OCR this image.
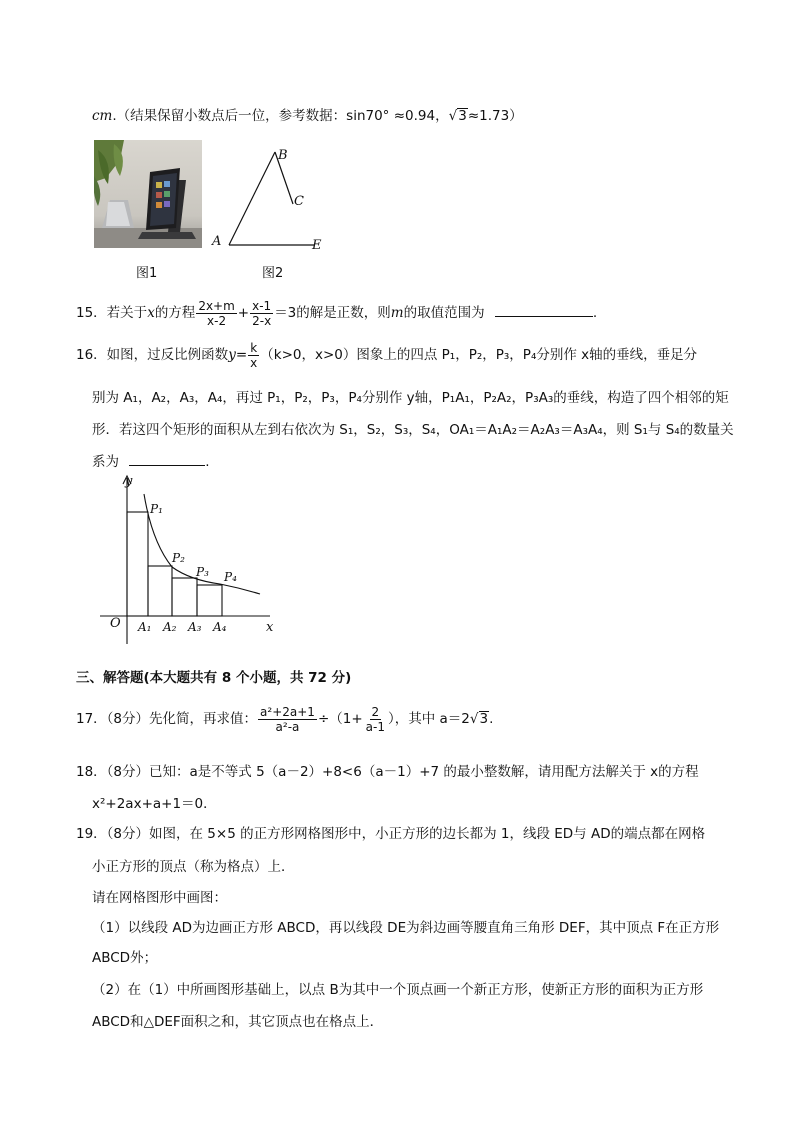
cm.（结果保留小数点后一位，参考数据：sin70° ≈0.94，√3≈1.73）
图1
B
C
A	E
图2
15．若关于x的方程 $\frac{2x+m}{x-2} + \frac{x-1}{2-x} =3$的解是正数，则m的取值范围为	.
16．如图，过反比例函数$y= \frac{k}{x} (k>0$，x>0）图象上的四点 P₁，P₂，P₃，P₄分别作 x轴的垂线，垂足分
别为 A₁，A₂，A₃，A₄，再过 P₁，P₂，P₃，P₄分别作 y轴，P₁A₁，P₂A₂，P₃A₃的垂线，构造了四个相邻的矩
形．若这四个矩形的面积从左到右依次为 S₁，S₂，S₃，S₄，OA₁＝A₁A₂＝A₂A₃＝A₃A₄，则 S₁与 S₄的数量关
系为	.
y
x
O
P₁
P₂
P₃ P₄
A₁ A₂ A₃ A₄
三、解答题(本大题共有 8 个小题，共 72 分)
17．（8分）先化简，再求值： $\frac{\text{a²+2a+1}}{\text{a²-a}} \div(1+ \frac{2}{a-1}$ ），其中 a＝2√3.
18．（8分）已知：a是不等式 5（a－2）+8<6（a－1）+7 的最小整数解，请用配方法解关于 x的方程
x²+2ax+a+1＝0．
19．（8分）如图，在 5×5 的正方形网格图形中，小正方形的边长都为 1，线段 ED与 AD的端点都在网格
小正方形的顶点（称为格点）上．
请在网格图形中画图：
（1）以线段 AD为边画正方形 ABCD，再以线段 DE为斜边画等腰直角三角形 DEF，其中顶点 F在正方形
ABCD外；
（2）在（1）中所画图形基础上，以点 B为其中一个顶点画一个新正方形，使新正方形的面积为正方形
ABCD和△DEF面积之和，其它顶点也在格点上．
